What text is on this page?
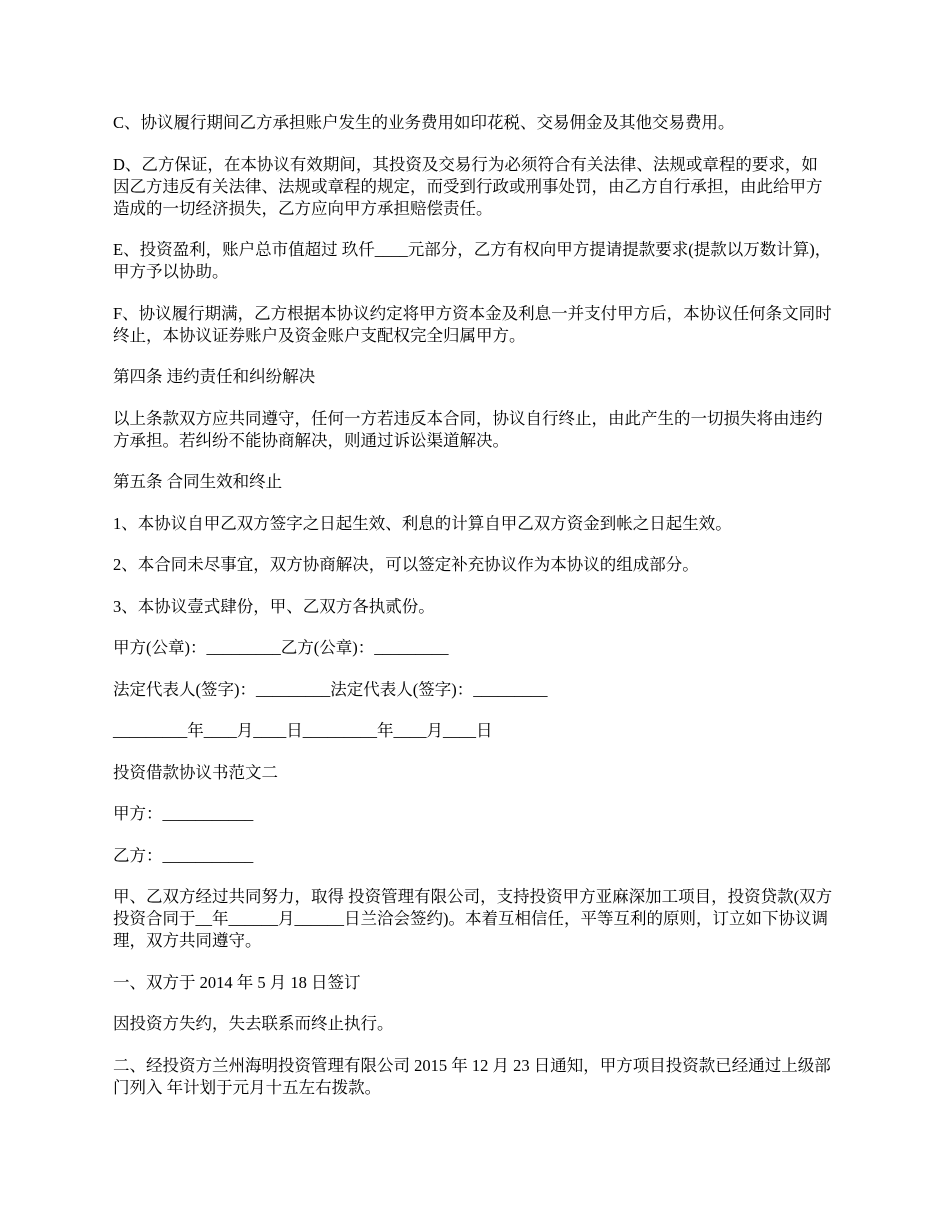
C、协议履行期间乙方承担账户发生的业务费用如印花税、交易佣金及其他交易费用。

D、乙方保证，在本协议有效期间，其投资及交易行为必须符合有关法律、法规或章程的要求，如因乙方违反有关法律、法规或章程的规定，而受到行政或刑事处罚，由乙方自行承担，由此给甲方造成的一切经济损失，乙方应向甲方承担赔偿责任。

E、投资盈利，账户总市值超过 玖仟____元部分，乙方有权向甲方提请提款要求(提款以万数计算)，甲方予以协助。

F、协议履行期满，乙方根据本协议约定将甲方资本金及利息一并支付甲方后，本协议任何条文同时终止，本协议证券账户及资金账户支配权完全归属甲方。

第四条 违约责任和纠纷解决

以上条款双方应共同遵守，任何一方若违反本合同，协议自行终止，由此产生的一切损失将由违约方承担。若纠纷不能协商解决，则通过诉讼渠道解决。

第五条 合同生效和终止

1、本协议自甲乙双方签字之日起生效、利息的计算自甲乙双方资金到帐之日起生效。

2、本合同未尽事宜，双方协商解决，可以签定补充协议作为本协议的组成部分。

3、本协议壹式肆份，甲、乙双方各执贰份。

甲方(公章)：_________乙方(公章)：_________

法定代表人(签字)：_________法定代表人(签字)：_________

_________年____月____日_________年____月____日

投资借款协议书范文二

甲方：___________

乙方：___________

甲、乙双方经过共同努力，取得 投资管理有限公司，支持投资甲方亚麻深加工项目，投资贷款(双方投资合同于__年______月______日兰洽会签约)。本着互相信任，平等互利的原则，订立如下协议调理，双方共同遵守。

一、双方于 2014 年 5 月 18 日签订

因投资方失约，失去联系而终止执行。

二、经投资方兰州海明投资管理有限公司 2015 年 12 月 23 日通知，甲方项目投资款已经通过上级部门列入 年计划于元月十五左右拨款。
